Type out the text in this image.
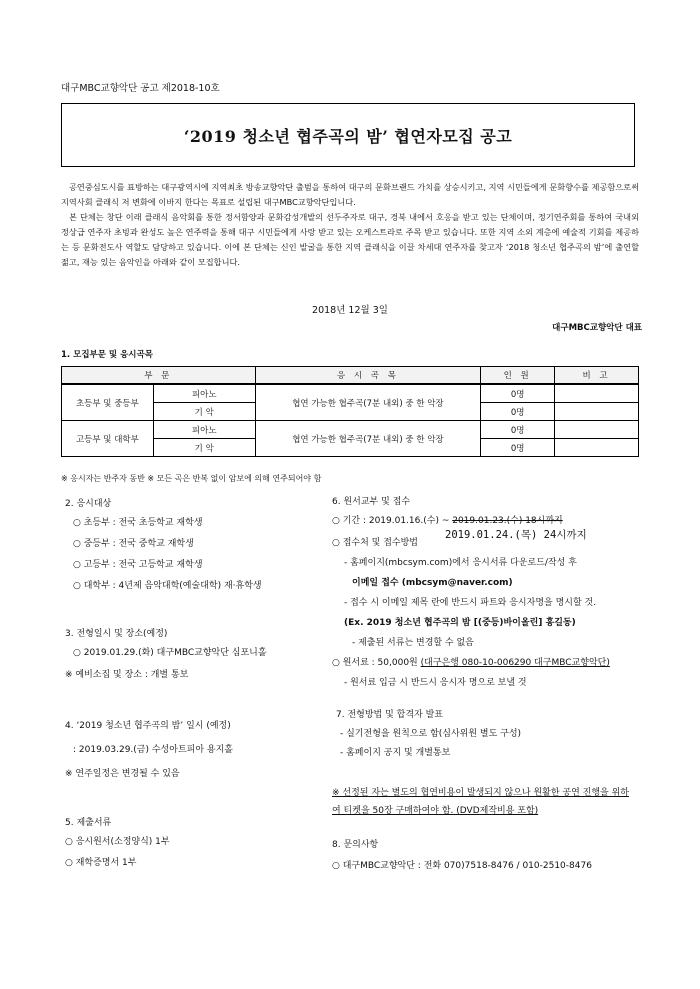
대구MBC교향악단 공고 제2018-10호
‘2019 청소년 협주곡의 밤’ 협연자모집 공고

공연중심도시를 표방하는 대구광역시에 지역최초 방송교향악단 출범을 통하여 대구의 문화브랜드 가치를 상승시키고, 지역 시민들에게 문화향수를 제공함으로써 지역사회 클래식 저 변화에 이바지 한다는 목표로 설립된 대구MBC교향악단입니다.

본 단체는 창단 이래 클래식 음악회를 통한 정서함양과 문화감성개발의 선두주자로 대구, 경북 내에서 호응을 받고 있는 단체이며, 정기연주회를 통하여 국내외 정상급 연주자 초빙과 완성도 높은 연주력을 통해 대구 시민들에게 사랑 받고 있는 오케스트라로 주목 받고 있습니다. 또한 지역 소외 계층에 예술적 기회를 제공하는 등 문화전도사 역할도 담당하고 있습니다. 이에 본 단체는 신인 발굴을 통한 지역 클래식을 이끌 차세대 연주자를 찾고자 ‘2018 청소년 협주곡의 밤’에 출연할 젊고, 재능 있는 음악인을 아래와 같이 모집합니다.

2018년 12월 3일
대구MBC교향악단 대표
1. 모집부문 및 응시곡목
부 문		응 시 곡 목	인 원	비 고
초등부 및 중등부	피아노	협연 가능한 협주곡(7분 내외) 중 한 악장	0명	
	기 악		0명	
고등부 및 대학부	피아노	협연 가능한 협주곡(7분 내외) 중 한 악장	0명	
	기 악		0명	
※ 응시자는 반주자 동반 ※ 모든 곡은 반복 없이 암보에 의해 연주되어야 함
2. 응시대상
○ 초등부 : 전국 초등학교 재학생
○ 중등부 : 전국 중학교 재학생
○ 고등부 : 전국 고등학교 재학생
○ 대학부 : 4년제 음악대학(예술대학) 재·휴학생
3. 전형일시 및 장소(예정)
○ 2019.01.29.(화) 대구MBC교향악단 심포니홀
※ 예비소집 및 장소 : 개별 통보
4. ‘2019 청소년 협주곡의 밤’ 일시 (예정)
: 2019.03.29.(금) 수성아트피아 용지홀
※ 연주일정은 변경될 수 있음
5. 제출서류
○ 응시원서(소정양식) 1부
○ 재학증명서 1부
6. 원서교부 및 접수
○ 기간 : 2019.01.16.(수) ~ 2019.01.23.(수) 18시까지
2019.01.24.(목) 24시까지
○ 접수처 및 접수방법
- 홈페이지(mbcsym.com)에서 응시서류 다운로드/작성 후
이메일 접수 (mbcsym@naver.com)
- 접수 시 이메일 제목 란에 반드시 파트와 응시자명을 명시할 것.
(Ex. 2019 청소년 협주곡의 밤 [(중등)바이올린] 홍길동)
- 제출된 서류는 변경할 수 없음
○ 원서료 : 50,000원 (대구은행 080-10-006290 대구MBC교향악단)
- 원서료 입금 시 반드시 응시자 명으로 보낼 것
7. 전형방법 및 합격자 발표
- 실기전형을 원칙으로 함(심사위원 별도 구성)
- 홈페이지 공지 및 개별통보
※ 선정된 자는 별도의 협연비용이 발생되지 않으나 원활한 공연 진행을 위하여 티켓을 50장 구매하여야 함. (DVD제작비용 포함)
8. 문의사항
○ 대구MBC교향악단 : 전화 070)7518-8476 / 010-2510-8476
